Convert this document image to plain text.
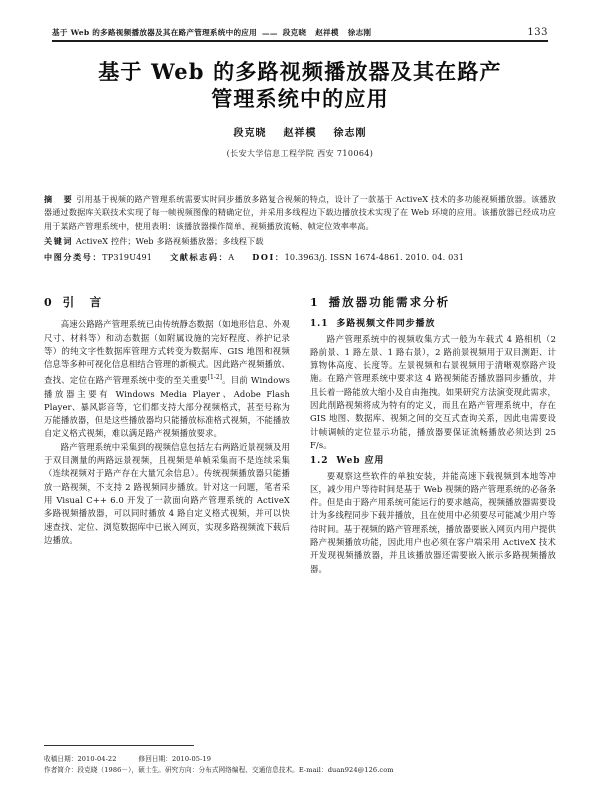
基于 Web 的多路视频播放器及其在路产管理系统中的应用 —— 段克晓 赵祥模 徐志刚	133
基于 Web 的多路视频播放器及其在路产
管理系统中的应用
段克晓 赵祥模 徐志刚
(长安大学信息工程学院 西安 710064)

摘　要 引用基于视频的路产管理系统需要实时同步播放多路复合视频的特点，设计了一款基于 ActiveX 技术的多功能视频播放器。该播放器通过数据库关联技术实现了每一帧视频图像的精确定位，并采用多线程边下载边播放技术实现了在 Web 环境的应用。该播放器已经成功应用于某路产管理系统中，使用表明：该播放器操作简单、视频播放流畅、帧定位效率率高。

关键词 ActiveX 控件；Web 多路视频播放器；多线程下载

中图分类号：TP319U491 文献标志码：A DOI：10.3963/j. ISSN 1674-4861. 2010. 04. 031
0 引　言

高速公路路产管理系统已由传统静态数据（如地形信息、外观尺寸、材料等）和动态数据（如附属设施的完好程度、养护记录等）的纯文字性数据库管理方式转变为数据库、GIS 地图和视频信息等多种可视化信息相结合管理的新模式。因此路产视频播放、查找、定位在路产管理系统中变的至关重要[1-2]。目前 Windows 播放器主要有 Windows Media Player、Adobe Flash Player、暴风影音等，它们都支持大部分视频格式，甚至号称为万能播放器，但是这些播放器均只能播放标准格式视频，不能播放自定义格式视频，难以满足路产视频播放要求。

路产管理系统中采集到的视频信息包括左右两路近景视频及用于双目测量的两路远景视频，且视频是单帧采集而不是连续采集（连续视频对于路产存在大量冗余信息）。传统视频播放器只能播放一路视频，不支持 2 路视频同步播放。针对这一问题，笔者采用 Visual C++ 6.0 开发了一款面向路产管理系统的 ActiveX 多路视频播放器，可以同时播放 4 路自定义格式视频，并可以快速查找、定位、浏览数据库中已嵌入网页，实现多路视频流下载后边播放。

1 播放器功能需求分析
1.1 多路视频文件同步播放

路产管理系统中的视频收集方式一般为车载式 4 路相机（2 路前景、1 路左景、1 路右景），2 路前景视频用于双目测距、计算物体高度、长度等。左景视频和右景视频用于清晰观察路产设施。在路产管理系统中要求这 4 路视频能否播放器同步播放，并且长着一路能放大缩小及自由拖拽。如果研究方法演变现此需求，因此削路视频将成为特有的定义，而且在路产管理系统中，存在 GIS 地图、数据库、视频之间的交互式查询关系，因此电需要设计帧调帧的定位显示功能，播放器要保证流畅播放必须达到 25 F/s。

1.2 Web 应用

要观察这些软件的单独安装，并能高速下载视频到本地等冲区，减少用户等待时间是基于 Web 视频的路产管理系统的必备条件。但是由于路产用系统可能运行的要求越高，视频播放器需要设计为多线程同步下载并播放，且在使用中必须要尽可能减少用户等待时间。基于视频的路产管理系统，播放器要嵌入网页内用户提供路产视频播放功能，因此用户也必须在客户端采用 ActiveX 技术开发现视频播放器，并且该播放器还需要嵌入嵌示多路视频播放器。

收稿日期：2010-04-22	修回日期：2010-05-19

作者简介：段克晓（1986－），硕士生。研究方向：分布式网络编程、交通信息技术。E-mail：duan924@126.com
